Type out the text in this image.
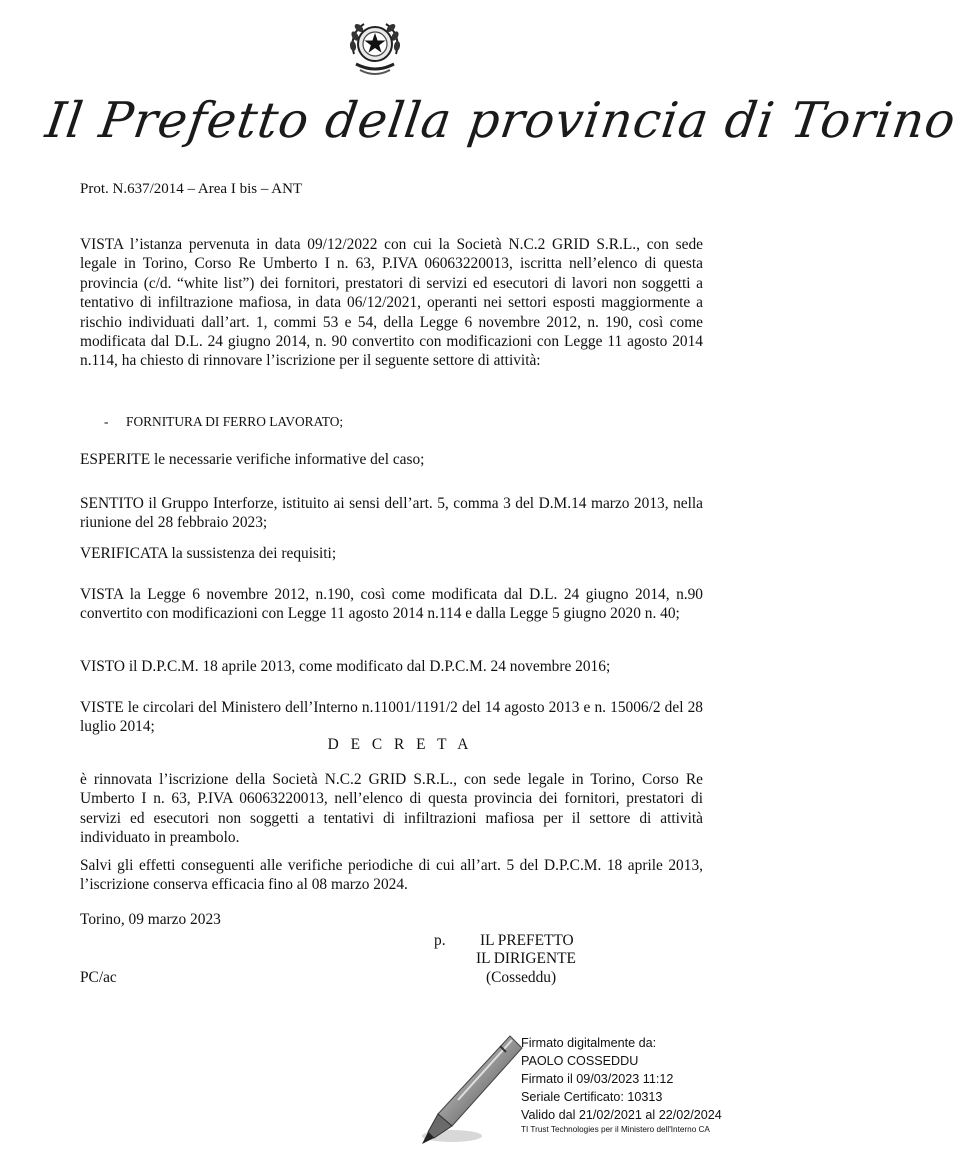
Il Prefetto della provincia di Torino
Prot. N.637/2014 – Area I bis – ANT

VISTA l’istanza pervenuta in data 09/12/2022 con cui la Società N.C.2 GRID S.R.L., con sede legale in Torino, Corso Re Umberto I n. 63, P.IVA 06063220013, iscritta nell’elenco di questa provincia (c/d. “white list”) dei fornitori, prestatori di servizi ed esecutori di lavori non soggetti a tentativo di infiltrazione mafiosa, in data 06/12/2021, operanti nei settori esposti maggiormente a rischio individuati dall’art. 1, commi 53 e 54, della Legge 6 novembre 2012, n. 190, così come modificata dal D.L. 24 giugno 2014, n. 90 convertito con modificazioni con Legge 11 agosto 2014 n.114, ha chiesto di rinnovare l’iscrizione per il seguente settore di attività:

- FORNITURA DI FERRO LAVORATO;

ESPERITE le necessarie verifiche informative del caso;

SENTITO il Gruppo Interforze, istituito ai sensi dell’art. 5, comma 3 del D.M.14 marzo 2013, nella riunione del 28 febbraio 2023;

VERIFICATA la sussistenza dei requisiti;

VISTA la Legge 6 novembre 2012, n.190, così come modificata dal D.L. 24 giugno 2014, n.90 convertito con modificazioni con Legge 11 agosto 2014 n.114 e dalla Legge 5 giugno 2020 n. 40;

VISTO il D.P.C.M. 18 aprile 2013, come modificato dal D.P.C.M. 24 novembre 2016;

VISTE le circolari del Ministero dell’Interno n.11001/1191/2 del 14 agosto 2013 e n. 15006/2 del 28 luglio 2014;

D E C R E T A

è rinnovata l’iscrizione della Società N.C.2 GRID S.R.L., con sede legale in Torino, Corso Re Umberto I n. 63, P.IVA 06063220013, nell’elenco di questa provincia dei fornitori, prestatori di servizi ed esecutori non soggetti a tentativi di infiltrazioni mafiosa per il settore di attività individuato in preambolo.

Salvi gli effetti conseguenti alle verifiche periodiche di cui all’art. 5 del D.P.C.M. 18 aprile 2013, l’iscrizione conserva efficacia fino al 08 marzo 2024.

Torino, 09 marzo 2023
p. IL PREFETTO
IL DIRIGENTE
(Cosseddu)
PC/ac
Firmato digitalmente da:
PAOLO COSSEDDU
Firmato il 09/03/2023 11:12
Seriale Certificato: 10313
Valido dal 21/02/2021 al 22/02/2024
TI Trust Technologies per il Ministero dell'Interno CA
